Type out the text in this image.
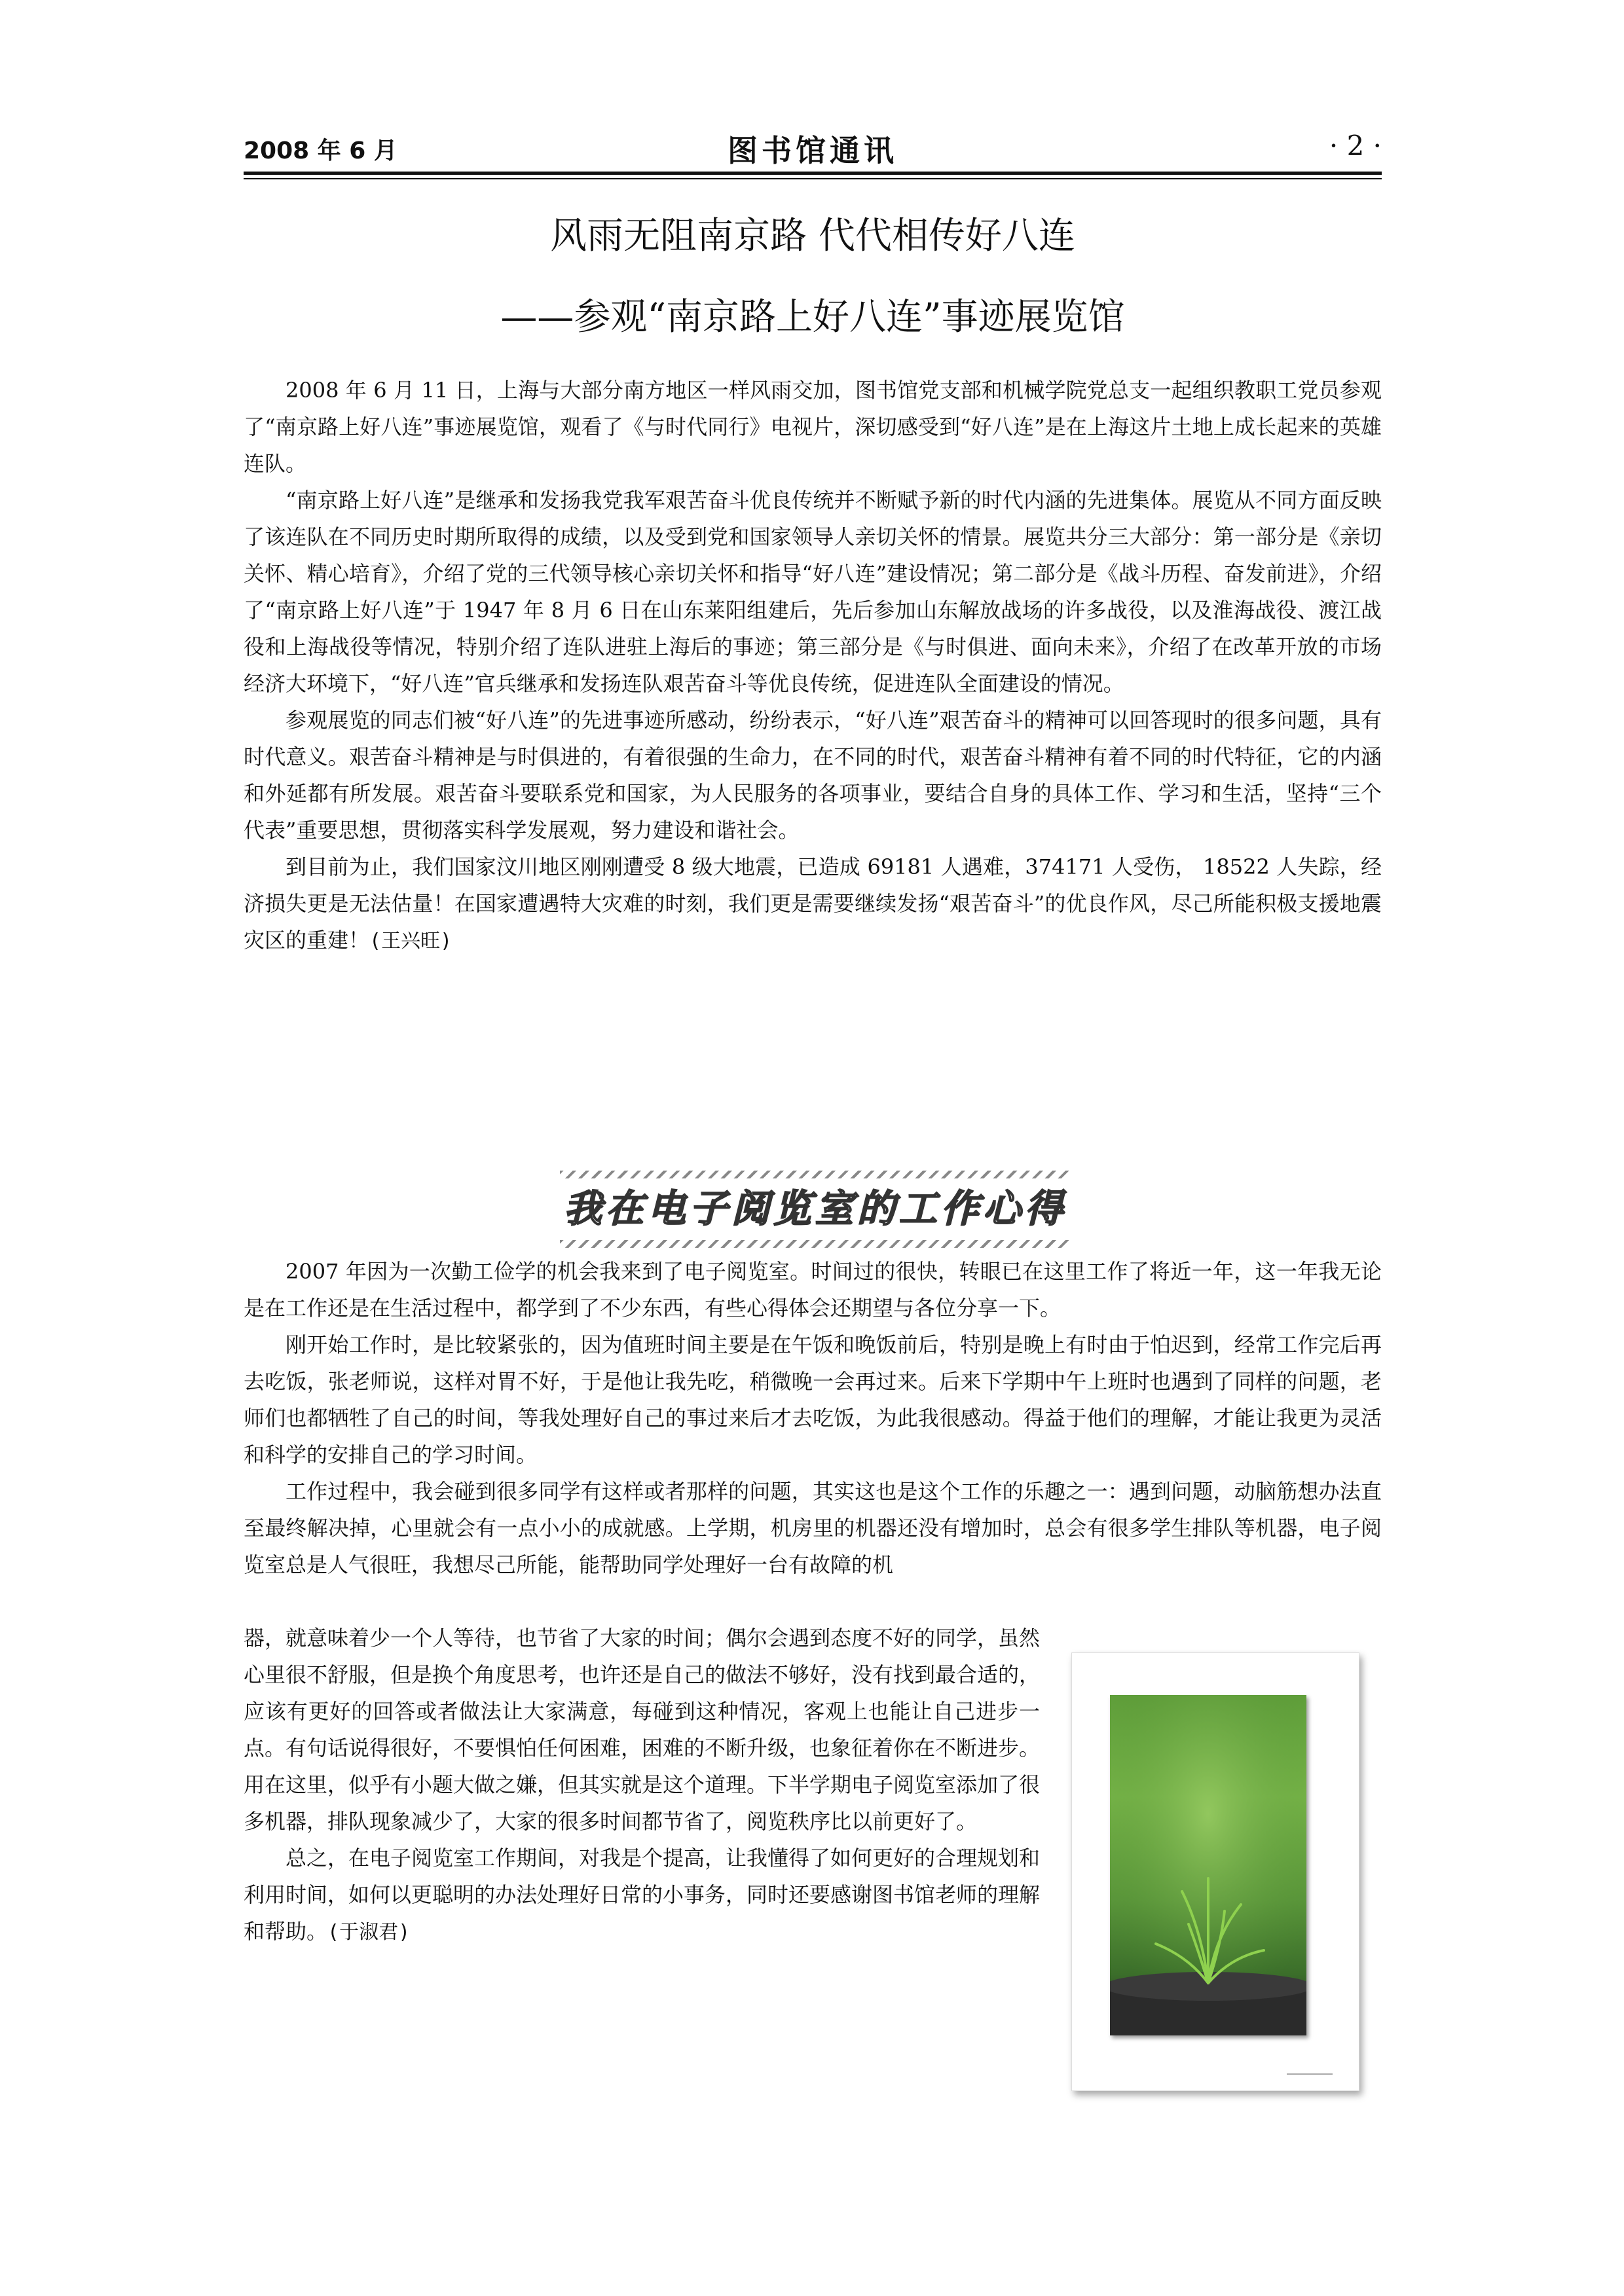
2008 年 6 月	图书馆通讯	· 2 ·
风雨无阻南京路 代代相传好八连
——参观“南京路上好八连”事迹展览馆

2008 年 6 月 11 日，上海与大部分南方地区一样风雨交加，图书馆党支部和机械学院党总支一起组织教职工党员参观了“南京路上好八连”事迹展览馆，观看了《与时代同行》电视片，深切感受到“好八连”是在上海这片土地上成长起来的英雄连队。

“南京路上好八连”是继承和发扬我党我军艰苦奋斗优良传统并不断赋予新的时代内涵的先进集体。展览从不同方面反映了该连队在不同历史时期所取得的成绩，以及受到党和国家领导人亲切关怀的情景。展览共分三大部分：第一部分是《亲切关怀、精心培育》，介绍了党的三代领导核心亲切关怀和指导“好八连”建设情况；第二部分是《战斗历程、奋发前进》，介绍了“南京路上好八连”于 1947 年 8 月 6 日在山东莱阳组建后，先后参加山东解放战场的许多战役，以及淮海战役、渡江战役和上海战役等情况，特别介绍了连队进驻上海后的事迹；第三部分是《与时俱进、面向未来》，介绍了在改革开放的市场经济大环境下，“好八连”官兵继承和发扬连队艰苦奋斗等优良传统，促进连队全面建设的情况。

参观展览的同志们被“好八连”的先进事迹所感动，纷纷表示，“好八连”艰苦奋斗的精神可以回答现时的很多问题，具有时代意义。艰苦奋斗精神是与时俱进的，有着很强的生命力，在不同的时代，艰苦奋斗精神有着不同的时代特征，它的内涵和外延都有所发展。艰苦奋斗要联系党和国家，为人民服务的各项事业，要结合自身的具体工作、学习和生活，坚持“三个代表”重要思想，贯彻落实科学发展观，努力建设和谐社会。

到目前为止，我们国家汶川地区刚刚遭受 8 级大地震，已造成 69181 人遇难，374171 人受伤， 18522 人失踪，经济损失更是无法估量！在国家遭遇特大灾难的时刻，我们更是需要继续发扬“艰苦奋斗”的优良作风，尽己所能积极支援地震灾区的重建！(王兴旺)

我在电子阅览室的工作心得

2007 年因为一次勤工俭学的机会我来到了电子阅览室。时间过的很快，转眼已在这里工作了将近一年，这一年我无论是在工作还是在生活过程中，都学到了不少东西，有些心得体会还期望与各位分享一下。

刚开始工作时，是比较紧张的，因为值班时间主要是在午饭和晚饭前后，特别是晚上有时由于怕迟到，经常工作完后再去吃饭，张老师说，这样对胃不好，于是他让我先吃，稍微晚一会再过来。后来下学期中午上班时也遇到了同样的问题，老师们也都牺牲了自己的时间，等我处理好自己的事过来后才去吃饭，为此我很感动。得益于他们的理解，才能让我更为灵活和科学的安排自己的学习时间。

工作过程中，我会碰到很多同学有这样或者那样的问题，其实这也是这个工作的乐趣之一：遇到问题，动脑筋想办法直至最终解决掉，心里就会有一点小小的成就感。上学期，机房里的机器还没有增加时，总会有很多学生排队等机器，电子阅览室总是人气很旺，我想尽己所能，能帮助同学处理好一台有故障的机

器，就意味着少一个人等待，也节省了大家的时间；偶尔会遇到态度不好的同学，虽然心里很不舒服，但是换个角度思考，也许还是自己的做法不够好，没有找到最合适的，应该有更好的回答或者做法让大家满意，每碰到这种情况，客观上也能让自己进步一点。有句话说得很好，不要惧怕任何困难，困难的不断升级，也象征着你在不断进步。用在这里，似乎有小题大做之嫌，但其实就是这个道理。下半学期电子阅览室添加了很多机器，排队现象减少了，大家的很多时间都节省了，阅览秩序比以前更好了。

总之，在电子阅览室工作期间，对我是个提高，让我懂得了如何更好的合理规划和利用时间，如何以更聪明的办法处理好日常的小事务，同时还要感谢图书馆老师的理解和帮助。(于淑君)
